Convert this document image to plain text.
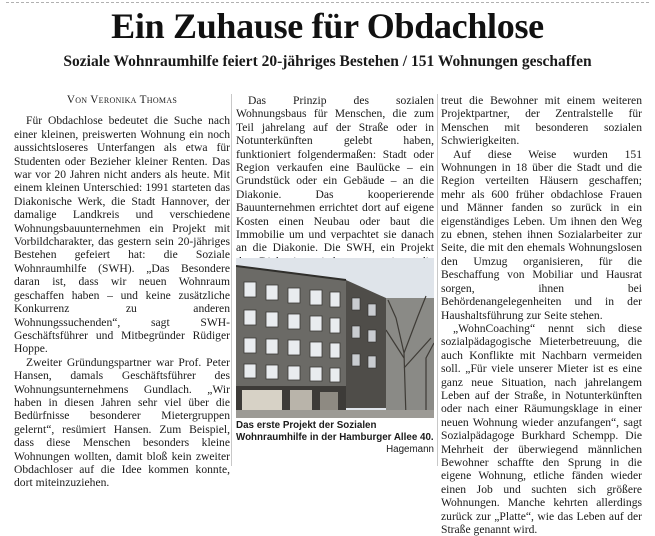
Ein Zuhause für Obdachlose
Soziale Wohnraumhilfe feiert 20-jähriges Bestehen / 151 Wohnungen geschaffen
Von Veronika Thomas

Für Obdachlose bedeutet die Suche nach einer kleinen, preiswerten Wohnung ein noch aussichtsloseres Unterfangen als etwa für Studenten oder Bezieher kleiner Renten. Das war vor 20 Jahren nicht anders als heute. Mit einem kleinen Unterschied: 1991 starteten das Diakonische Werk, die Stadt Hannover, der damalige Landkreis und verschiedene Wohnungsbauunternehmen ein Projekt mit Vorbildcharakter, das gestern sein 20-jähriges Bestehen gefeiert hat: die Soziale Wohnraumhilfe (SWH). „Das Besondere daran ist, dass wir neuen Wohnraum geschaffen haben – und keine zusätzliche Konkurrenz zu anderen Wohnungssuchenden“, sagt SWH-Geschäftsführer und Mitbegründer Rüdiger Hoppe.

Zweiter Gründungspartner war Prof. Peter Hansen, damals Geschäftsführer des Wohnungsunternehmens Gundlach. „Wir haben in diesen Jahren sehr viel über die Bedürfnisse besonderer Mietergruppen gelernt“, resümiert Hansen. Zum Beispiel, dass diese Menschen besonders kleine Wohnungen wollten, damit bloß kein zweiter Obdachloser auf die Idee kommen konnte, dort miteinzuziehen.

Das Prinzip des sozialen Wohnungsbaus für Menschen, die zum Teil jahrelang auf der Straße oder in Notunterkünften gelebt haben, funktioniert folgendermaßen: Stadt oder Region verkaufen eine Baulücke – ein Grundstück oder ein Gebäude – an die Diakonie. Das kooperierende Bauunternehmen errichtet dort auf eigene Kosten einen Neubau oder baut die Immobilie um und verpachtet sie danach an die Diakonie. Die SWH, ein Projekt

treut die Bewohner mit einem weiteren Projektpartner, der Zentralstelle für Menschen mit besonderen sozialen Schwierigkeiten.

Auf diese Weise wurden 151 Wohnungen in 18 über die Stadt und die Region verteilten Häusern geschaffen; mehr als 600 früher obdachlose Frauen und Männer fanden so zurück in ein eigenständiges Leben. Um ihnen den Weg zu ebnen, stehen ihnen Sozialarbeiter zur Seite, die mit den ehemals Wohnungslosen den Umzug organisieren, für die Beschaffung von Mobiliar und Hausrat sorgen, ihnen bei Behördenangelegenheiten und in der Haushaltsführung zur Seite stehen.

„WohnCoaching“ nennt sich diese sozialpädagogische Mieterbetreuung, die auch Konflikte mit Nachbarn vermeiden soll. „Für viele unserer Mieter ist es eine ganz neue Situation, nach jahrelangem Leben auf der Straße, in Notunterkünften oder nach einer Räumungsklage in einer neuen Wohnung wieder anzufangen“, sagt Sozialpädagoge Burkhard Schempp. Die Mehrheit der überwiegend männlichen Bewohner schaffte den Sprung in die eigene Wohnung, etliche fänden wieder einen Job und suchten sich größere Wohnungen. Manche kehrten allerdings zurück zur „Platte“, wie das Leben auf der Straße genannt wird.

Das erste Projekt der Sozialen Wohnraumhilfe in der Hamburger Allee 40.
Hagemann
